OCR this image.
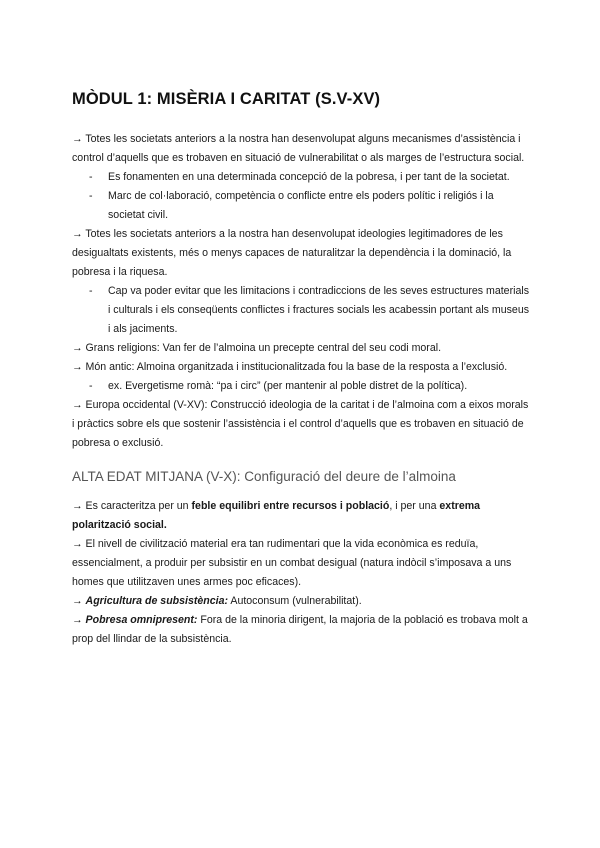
MÒDUL 1: MISÈRIA I CARITAT (S.V-XV)

→ Totes les societats anteriors a la nostra han desenvolupat alguns mecanismes d’assistència i control d’aquells que es trobaven en situació de vulnerabilitat o als marges de l’estructura social.

- Es fonamenten en una determinada concepció de la pobresa, i per tant de la societat.
- Marc de col·laboració, competència o conflicte entre els poders polític i religiós i la societat civil.

→ Totes les societats anteriors a la nostra han desenvolupat ideologies legitimadores de les desigualtats existents, més o menys capaces de naturalitzar la dependència i la dominació, la pobresa i la riquesa.

- Cap va poder evitar que les limitacions i contradiccions de les seves estructures materials i culturals i els conseqüents conflictes i fractures socials les acabessin portant als museus i als jaciments.

→ Grans religions: Van fer de l’almoina un precepte central del seu codi moral.

→ Món antic: Almoina organitzada i institucionalitzada fou la base de la resposta a l’exclusió.

- ex. Evergetisme romà: “pa i circ” (per mantenir al poble distret de la política).

→ Europa occidental (V-XV): Construcció ideologia de la caritat i de l’almoina com a eixos morals i pràctics sobre els que sostenir l’assistència i el control d’aquells que es trobaven en situació de pobresa o exclusió.

ALTA EDAT MITJANA (V-X): Configuració del deure de l’almoina

→ Es caracteritza per un feble equilibri entre recursos i població, i per una extrema polarització social.

→ El nivell de civilització material era tan rudimentari que la vida econòmica es reduïa, essencialment, a produir per subsistir en un combat desigual (natura indòcil s’imposava a uns homes que utilitzaven unes armes poc eficaces).

→ Agricultura de subsistència: Autoconsum (vulnerabilitat).

→ Pobresa omnipresent: Fora de la minoria dirigent, la majoria de la població es trobava molt a prop del llindar de la subsistència.
